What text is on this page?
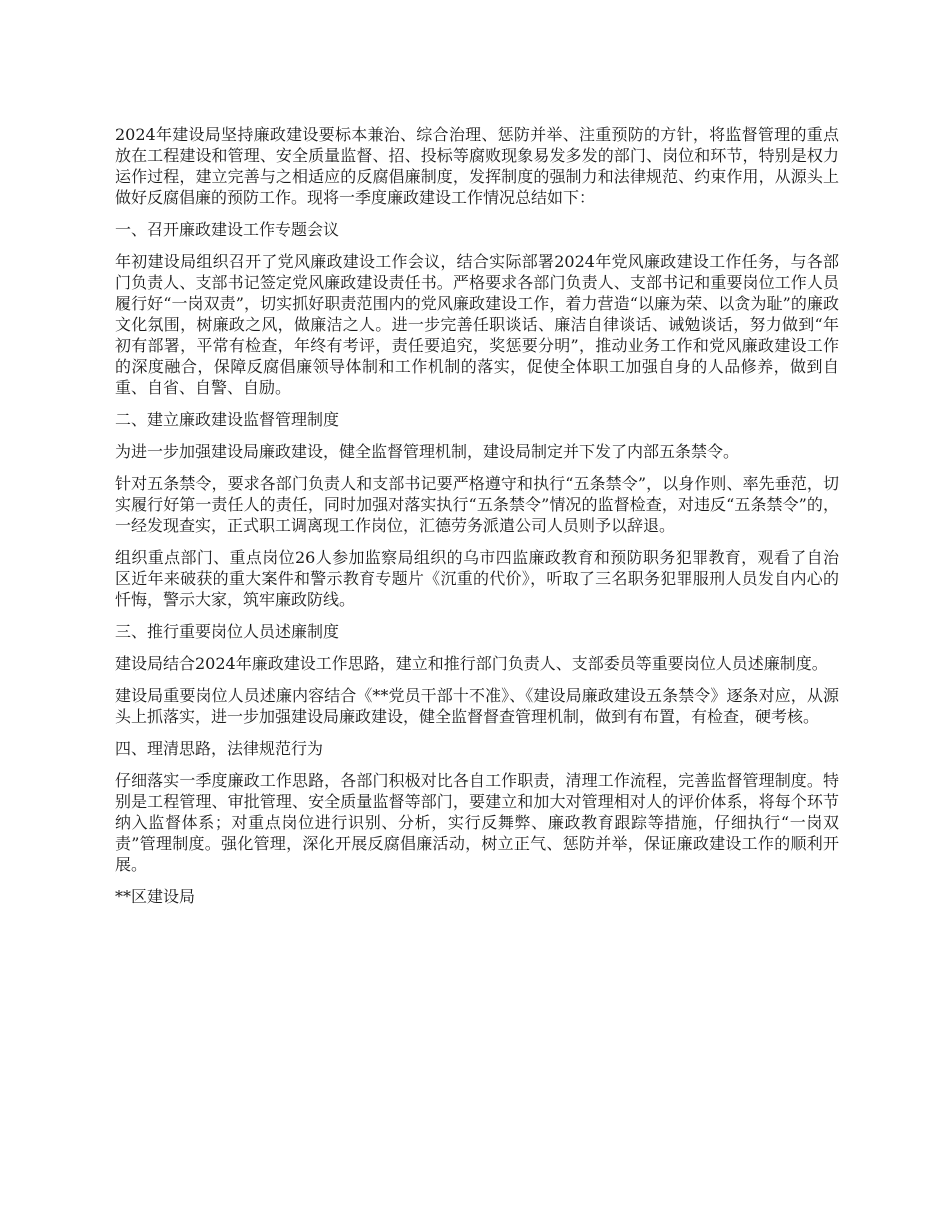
2024年建设局坚持廉政建设要标本兼治、综合治理、惩防并举、注重预防的方针，将监督管理的重点放在工程建设和管理、安全质量监督、招、投标等腐败现象易发多发的部门、岗位和环节，特别是权力运作过程，建立完善与之相适应的反腐倡廉制度，发挥制度的强制力和法律规范、约束作用，从源头上做好反腐倡廉的预防工作。现将一季度廉政建设工作情况总结如下：

一、召开廉政建设工作专题会议

年初建设局组织召开了党风廉政建设工作会议，结合实际部署2024年党风廉政建设工作任务，与各部门负责人、支部书记签定党风廉政建设责任书。严格要求各部门负责人、支部书记和重要岗位工作人员履行好“一岗双责”，切实抓好职责范围内的党风廉政建设工作，着力营造“以廉为荣、以贪为耻”的廉政文化氛围，树廉政之风，做廉洁之人。进一步完善任职谈话、廉洁自律谈话、诫勉谈话，努力做到“年初有部署，平常有检查，年终有考评，责任要追究，奖惩要分明”，推动业务工作和党风廉政建设工作的深度融合，保障反腐倡廉领导体制和工作机制的落实，促使全体职工加强自身的人品修养，做到自重、自省、自警、自励。

二、建立廉政建设监督管理制度

为进一步加强建设局廉政建设，健全监督管理机制，建设局制定并下发了内部五条禁令。

针对五条禁令，要求各部门负责人和支部书记要严格遵守和执行“五条禁令”，以身作则、率先垂范，切实履行好第一责任人的责任，同时加强对落实执行“五条禁令”情况的监督检查，对违反“五条禁令”的，一经发现查实，正式职工调离现工作岗位，汇德劳务派遣公司人员则予以辞退。

组织重点部门、重点岗位26人参加监察局组织的乌市四监廉政教育和预防职务犯罪教育，观看了自治区近年来破获的重大案件和警示教育专题片《沉重的代价》，听取了三名职务犯罪服刑人员发自内心的忏悔，警示大家，筑牢廉政防线。

三、推行重要岗位人员述廉制度

建设局结合2024年廉政建设工作思路，建立和推行部门负责人、支部委员等重要岗位人员述廉制度。

建设局重要岗位人员述廉内容结合《**党员干部十不准》、《建设局廉政建设五条禁令》逐条对应，从源头上抓落实，进一步加强建设局廉政建设，健全监督督查管理机制，做到有布置，有检查，硬考核。

四、理清思路，法律规范行为

仔细落实一季度廉政工作思路，各部门积极对比各自工作职责，清理工作流程，完善监督管理制度。特别是工程管理、审批管理、安全质量监督等部门，要建立和加大对管理相对人的评价体系，将每个环节纳入监督体系；对重点岗位进行识别、分析，实行反舞弊、廉政教育跟踪等措施，仔细执行“一岗双责”管理制度。强化管理，深化开展反腐倡廉活动，树立正气、惩防并举，保证廉政建设工作的顺利开展。

**区建设局
